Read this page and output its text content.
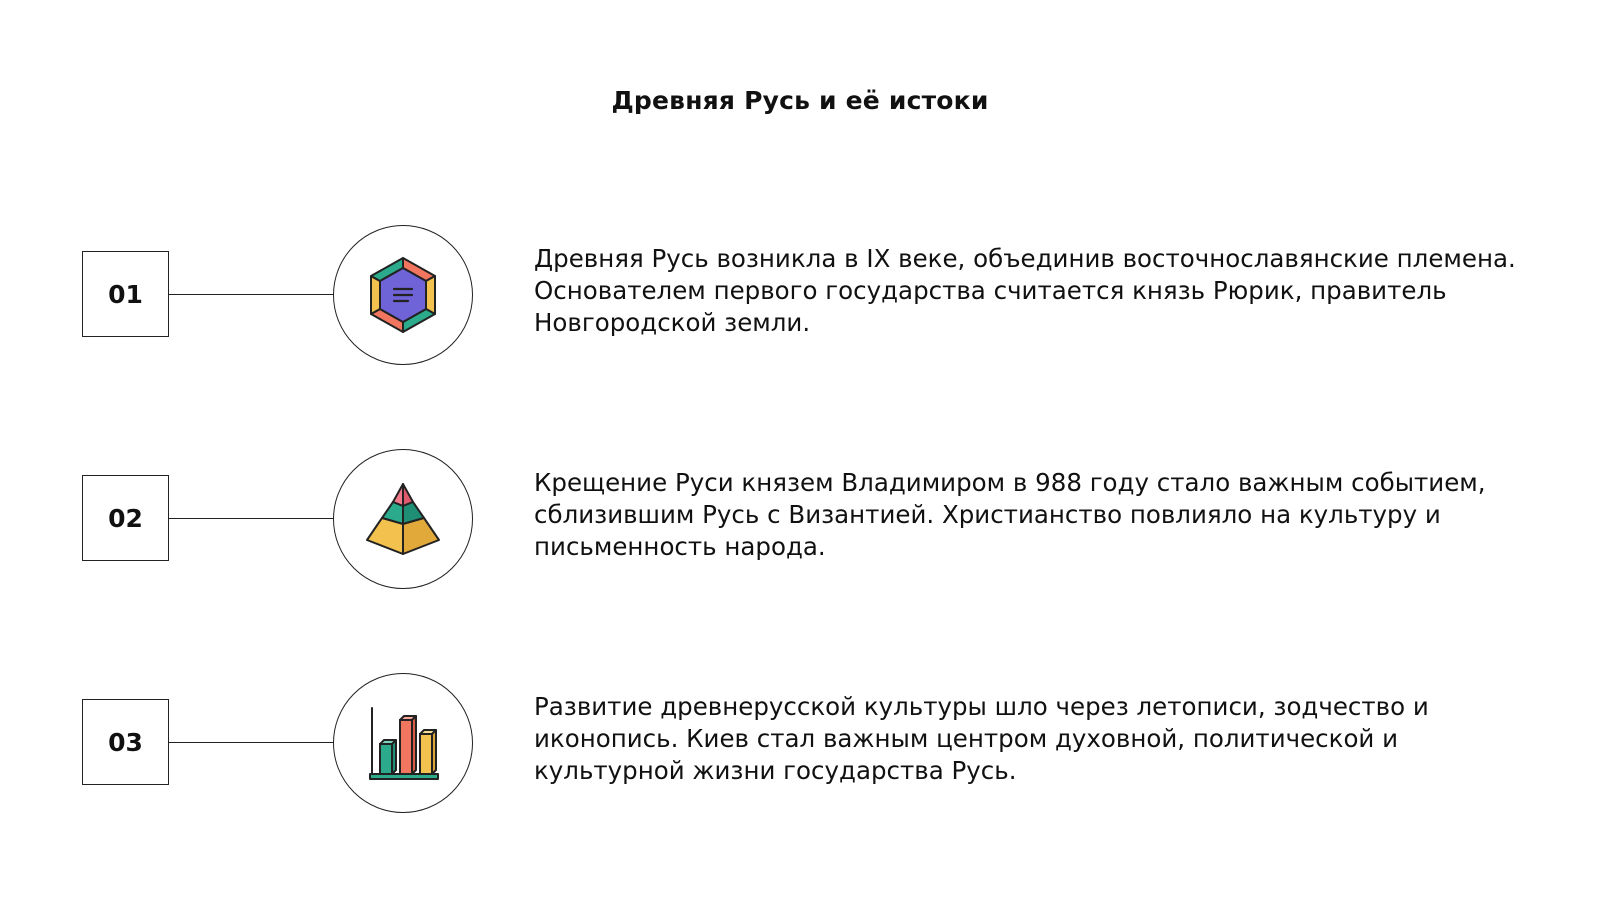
Древняя Русь и её истоки
01

Древняя Русь возникла в IX веке, объединив восточнославянские племена. Основателем первого государства считается князь Рюрик, правитель Новгородской земли.

02

Крещение Руси князем Владимиром в 988 году стало важным событием, сблизившим Русь с Византией. Христианство повлияло на культуру и письменность народа.

03

Развитие древнерусской культуры шло через летописи, зодчество и иконопись. Киев стал важным центром духовной, политической и культурной жизни государства Русь.
